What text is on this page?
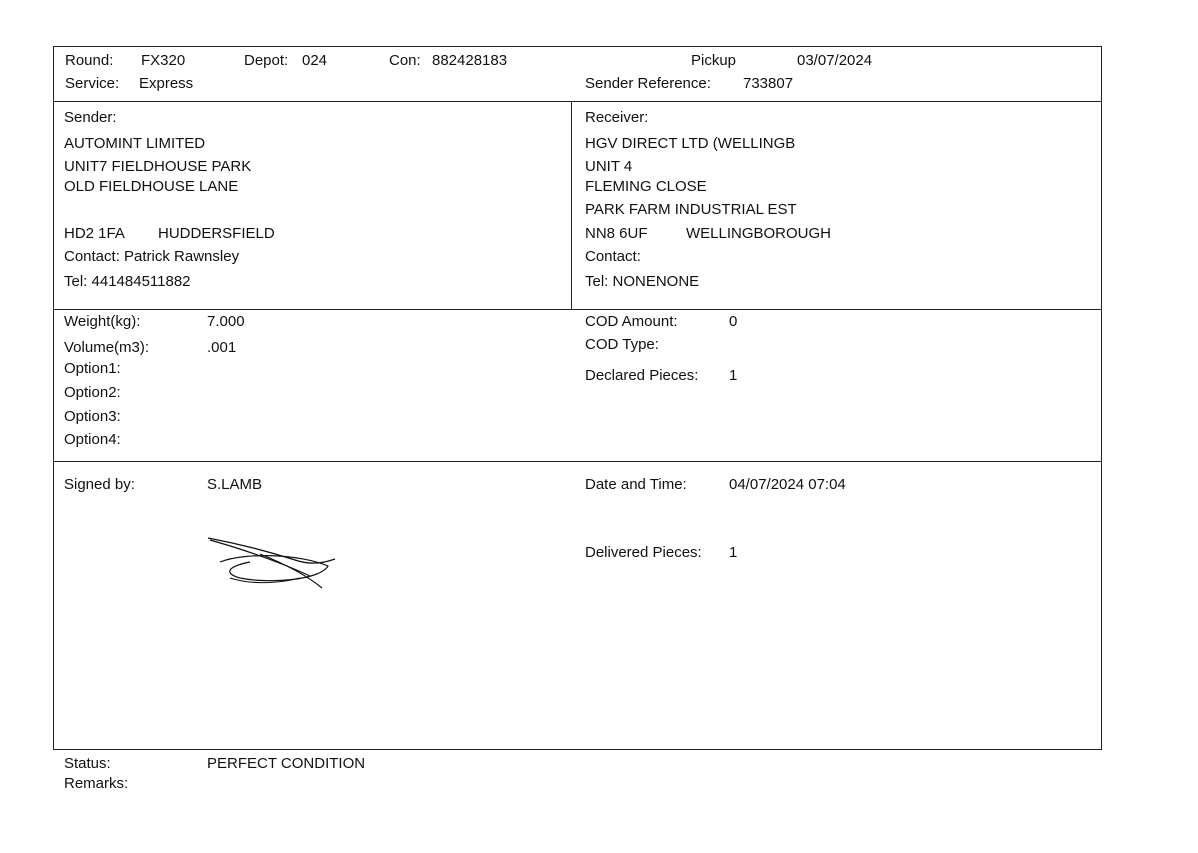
Round: FX320	Depot: 024	Con: 882428183	Pickup	03/07/2024
Service: Express	Sender Reference: 733807
Sender:
AUTOMINT LIMITED
UNIT7 FIELDHOUSE PARK
OLD FIELDHOUSE LANE
HD2 1FA HUDDERSFIELD
Contact: Patrick Rawnsley
Tel: 441484511882
Receiver:
HGV DIRECT LTD (WELLINGB
UNIT 4
FLEMING CLOSE
PARK FARM INDUSTRIAL EST
NN8 6UF	WELLINGBOROUGH
Contact:
Tel: NONENONE
Weight(kg):	7.000
Volume(m3):	.001
Option1:
Option2:
Option3:
Option4:
COD Amount:	0
COD Type:
Declared Pieces: 1
Signed by:	S.LAMB	Date and Time:	04/07/2024 07:04
Delivered Pieces: 1
Status:	PERFECT CONDITION
Remarks:
